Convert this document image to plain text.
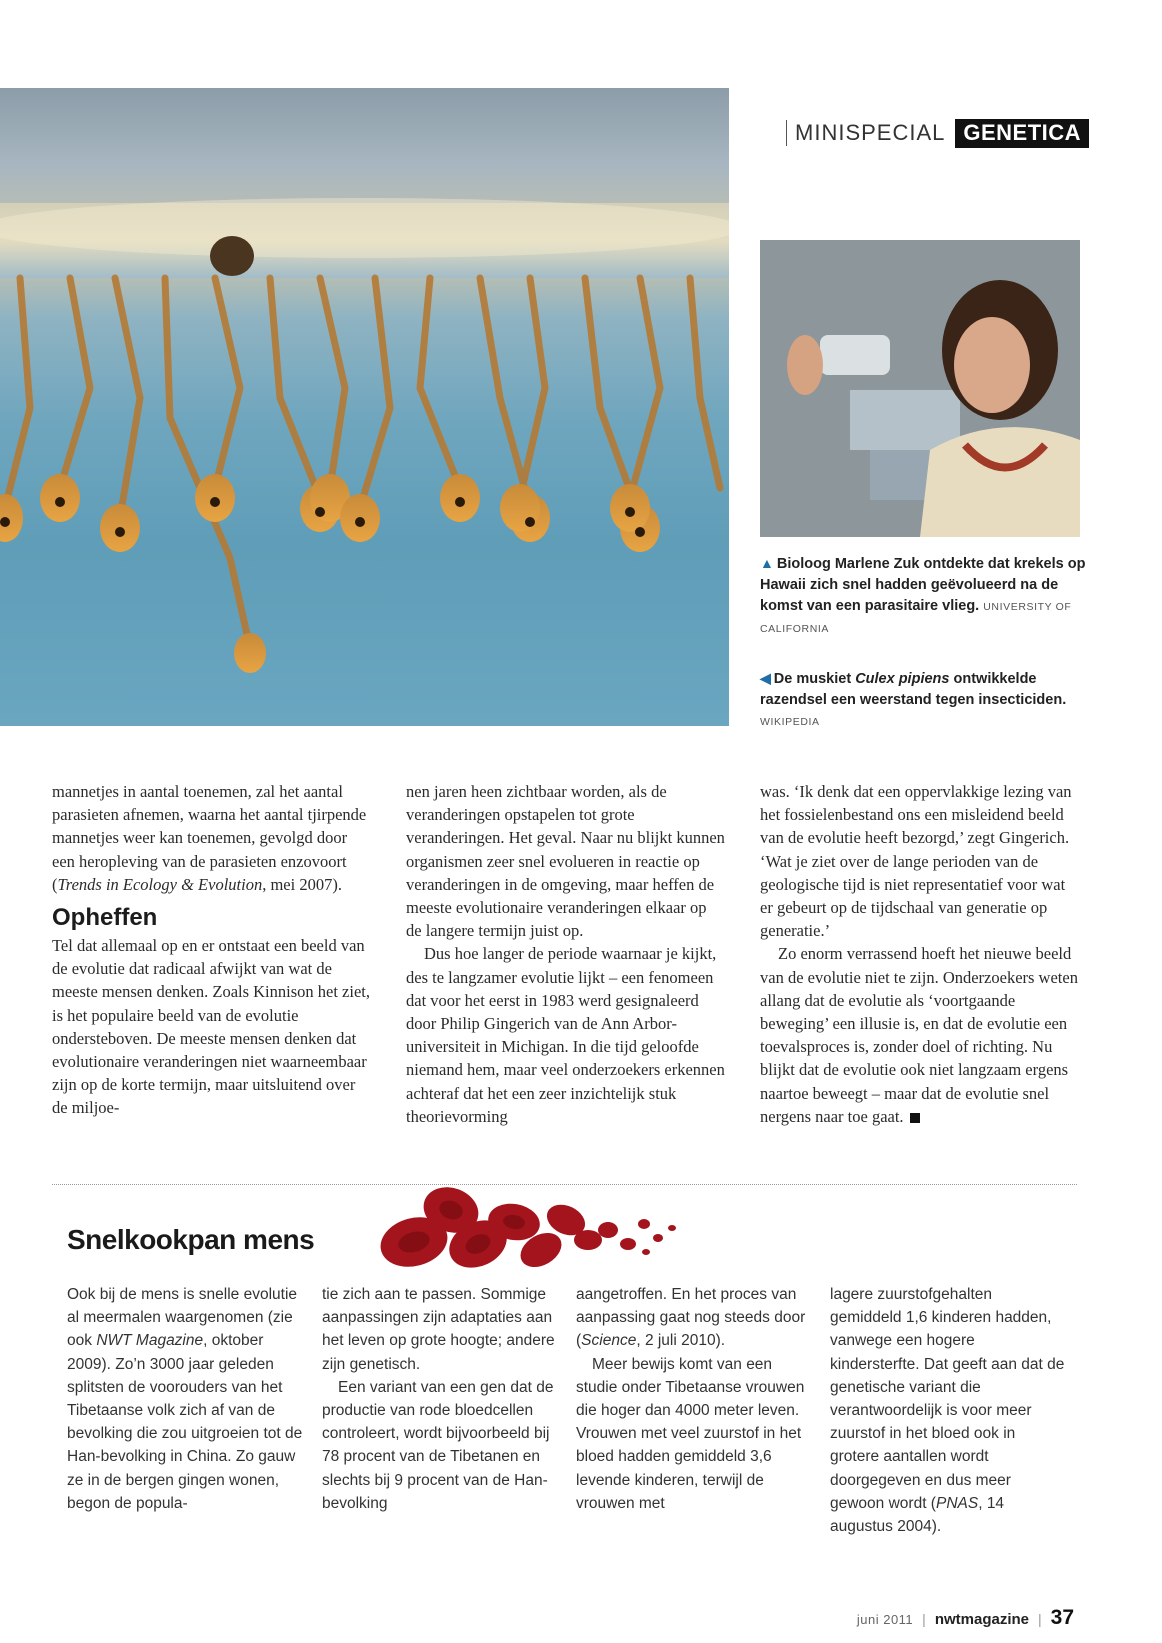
MINISPECIAL GENETICA
▲ Bioloog Marlene Zuk ontdekte dat krekels op Hawaii zich snel hadden geëvolueerd na de komst van een parasitaire vlieg. UNIVERSITY OF CALIFORNIA
◀ De muskiet Culex pipiens ontwikkelde razendsel een weerstand tegen insecticiden.
WIKIPEDIA

mannetjes in aantal toenemen, zal het aantal parasieten afnemen, waarna het aantal tjirpende mannetjes weer kan toenemen, gevolgd door een heropleving van de parasieten enzovoort (Trends in Ecology & Evolution, mei 2007).

Opheffen

Tel dat allemaal op en er ontstaat een beeld van de evolutie dat radicaal afwijkt van wat de meeste mensen denken. Zoals Kinnison het ziet, is het populaire beeld van de evolutie ondersteboven. De meeste mensen denken dat evolutionaire veranderingen niet waarneembaar zijn op de korte termijn, maar uitsluitend over de miljoe-

nen jaren heen zichtbaar worden, als de veranderingen opstapelen tot grote veranderingen. Het geval. Naar nu blijkt kunnen organismen zeer snel evolueren in reactie op veranderingen in de omgeving, maar heffen de meeste evolutionaire veranderingen elkaar op de langere termijn juist op.

Dus hoe langer de periode waarnaar je kijkt, des te langzamer evolutie lijkt – een fenomeen dat voor het eerst in 1983 werd gesignaleerd door Philip Gingerich van de Ann Arbor-universiteit in Michigan. In die tijd geloofde niemand hem, maar veel onderzoekers erkennen achteraf dat het een zeer inzichtelijk stuk theorievorming

was. ‘Ik denk dat een oppervlakkige lezing van het fossielenbestand ons een misleidend beeld van de evolutie heeft bezorgd,’ zegt Gingerich. ‘Wat je ziet over de lange perioden van de geologische tijd is niet representatief voor wat er gebeurt op de tijdschaal van generatie op generatie.’

Zo enorm verrassend hoeft het nieuwe beeld van de evolutie niet te zijn. Onderzoekers weten allang dat de evolutie als ‘voortgaande beweging’ een illusie is, en dat de evolutie een toevalsproces is, zonder doel of richting. Nu blijkt dat de evolutie ook niet langzaam ergens naartoe beweegt – maar dat de evolutie snel nergens naar toe gaat.

Snelkookpan mens

Ook bij de mens is snelle evolutie al meermalen waargenomen (zie ook NWT Magazine, oktober 2009). Zo’n 3000 jaar geleden splitsten de voorouders van het Tibetaanse volk zich af van de bevolking die zou uitgroeien tot de Han-bevolking in China. Zo gauw ze in de bergen gingen wonen, begon de popula-

tie zich aan te passen. Sommige aanpassingen zijn adaptaties aan het leven op grote hoogte; andere zijn genetisch.

Een variant van een gen dat de productie van rode bloedcellen controleert, wordt bijvoorbeeld bij 78 procent van de Tibetanen en slechts bij 9 procent van de Han-bevolking

aangetroffen. En het proces van aanpassing gaat nog steeds door (Science, 2 juli 2010).

Meer bewijs komt van een studie onder Tibetaanse vrouwen die hoger dan 4000 meter leven. Vrouwen met veel zuurstof in het bloed hadden gemiddeld 3,6 levende kinderen, terwijl de vrouwen met

lagere zuurstofgehalten gemiddeld 1,6 kinderen hadden, vanwege een hogere kindersterfte. Dat geeft aan dat de genetische variant die verantwoordelijk is voor meer zuurstof in het bloed ook in grotere aantallen wordt doorgegeven en dus meer gewoon wordt (PNAS, 14 augustus 2004).

juni 2011 | nwtmagazine | 37
